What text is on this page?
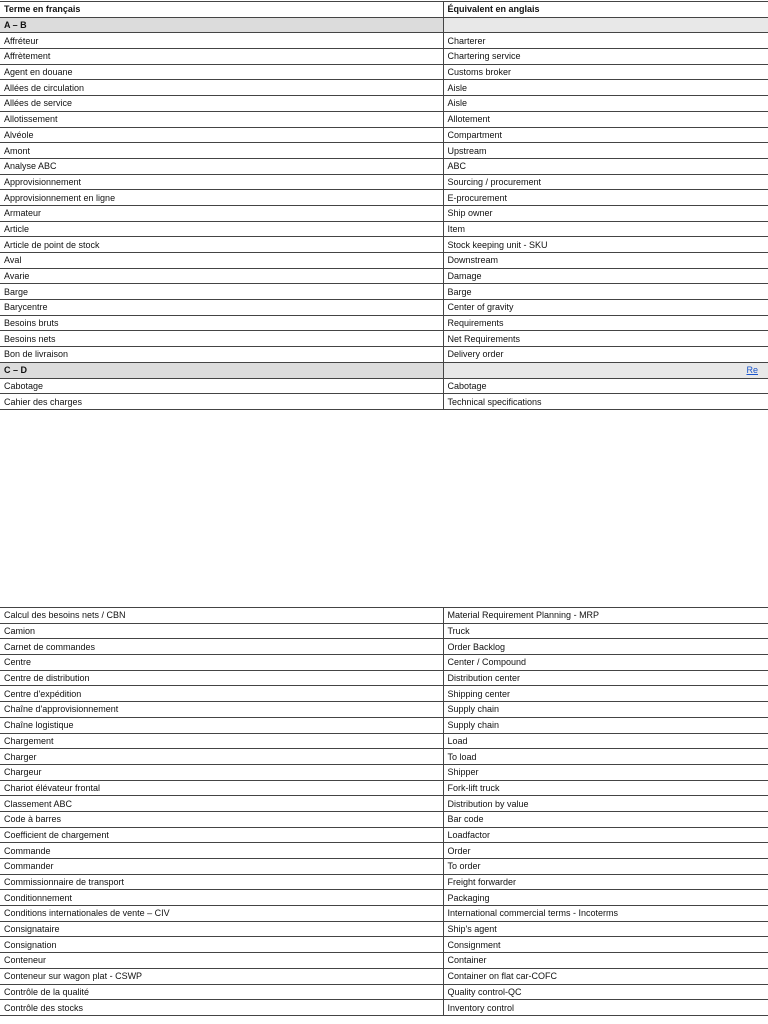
Terme en français	Équivalent en anglais
A – B	
Affréteur	Charterer
Affrètement	Chartering service
Agent en douane	Customs broker
Allées de circulation	Aisle
Allées de service	Aisle
Allotissement	Allotement
Alvéole	Compartment
Amont	Upstream
Analyse ABC	ABC
Approvisionnement	Sourcing / procurement
Approvisionnement en ligne	E-procurement
Armateur	Ship owner
Article	Item
Article de point de stock	Stock keeping unit - SKU
Aval	Downstream
Avarie	Damage
Barge	Barge
Barycentre	Center of gravity
Besoins bruts	Requirements
Besoins nets	Net Requirements
Bon de livraison	Delivery order
C – D	Re
Cabotage	Cabotage
Cahier des charges	Technical specifications
Calcul des besoins nets / CBN	Material Requirement Planning - MRP
Camion	Truck
Carnet de commandes	Order Backlog
Centre	Center / Compound
Centre de distribution	Distribution center
Centre d'expédition	Shipping center
Chaîne d'approvisionnement	Supply chain
Chaîne logistique	Supply chain
Chargement	Load
Charger	To load
Chargeur	Shipper
Chariot élévateur frontal	Fork-lift truck
Classement ABC	Distribution by value
Code à barres	Bar code
Coefficient de chargement	Loadfactor
Commande	Order
Commander	To order
Commissionnaire de transport	Freight forwarder
Conditionnement	Packaging
Conditions internationales de vente – CIV	International commercial terms - Incoterms
Consignataire	Ship's agent
Consignation	Consignment
Conteneur	Container
Conteneur sur wagon plat - CSWP	Container on flat car-COFC
Contrôle de la qualité	Quality control-QC
Contrôle des stocks	Inventory control
